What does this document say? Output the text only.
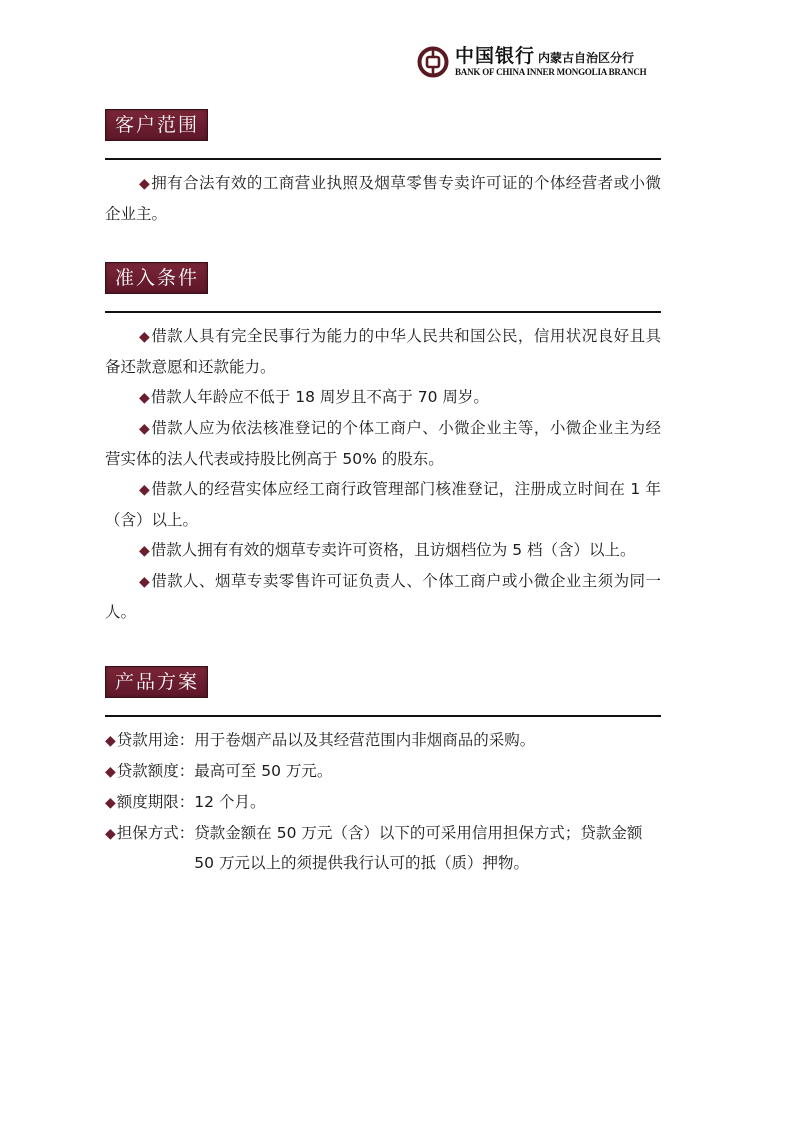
中国银行 内蒙古自治区分行
BANK OF CHINA INNER MONGOLIA BRANCH
客户范围

◆拥有合法有效的工商营业执照及烟草零售专卖许可证的个体经营者或小微企业主。

准入条件

◆借款人具有完全民事行为能力的中华人民共和国公民，信用状况良好且具备还款意愿和还款能力。

◆借款人年龄应不低于 18 周岁且不高于 70 周岁。

◆借款人应为依法核准登记的个体工商户、小微企业主等，小微企业主为经营实体的法人代表或持股比例高于 50% 的股东。

◆借款人的经营实体应经工商行政管理部门核准登记，注册成立时间在 1 年（含）以上。

◆借款人拥有有效的烟草专卖许可资格，且访烟档位为 5 档（含）以上。

◆借款人、烟草专卖零售许可证负责人、个体工商户或小微企业主须为同一人。

产品方案
◆贷款用途： 用于卷烟产品以及其经营范围内非烟商品的采购。
◆贷款额度： 最高可至 50 万元。
◆额度期限： 12 个月。
◆担保方式： 贷款金额在 50 万元（含）以下的可采用信用担保方式；贷款金额 50 万元以上的须提供我行认可的抵（质）押物。
